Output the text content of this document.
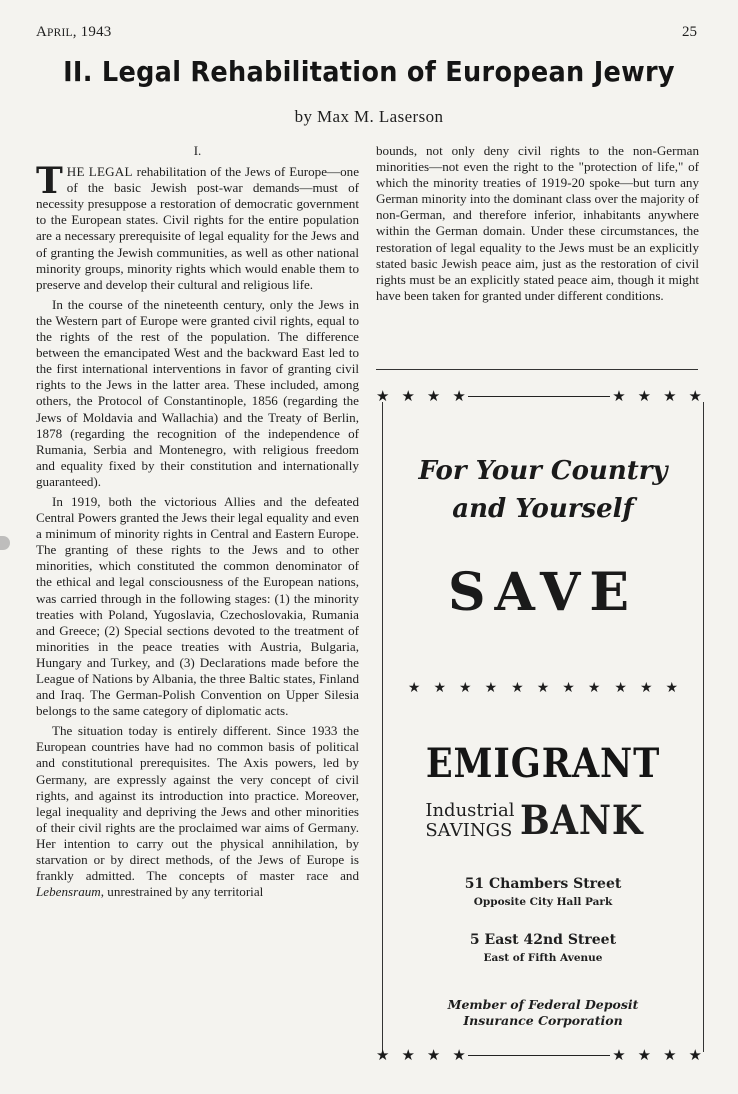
APRIL, 1943	25
II. Legal Rehabilitation of European Jewry
by Max M. Laserson
I.

THE LEGAL rehabilitation of the Jews of Europe—one of the basic Jewish post-war demands—must of necessity presuppose a restoration of democratic government to the European states. Civil rights for the entire population are a necessary prerequisite of legal equality for the Jews and of granting the Jewish communities, as well as other national minority groups, minority rights which would enable them to preserve and develop their cultural and religious life.

In the course of the nineteenth century, only the Jews in the Western part of Europe were granted civil rights, equal to the rights of the rest of the population. The difference between the emancipated West and the backward East led to the first international interventions in favor of granting civil rights to the Jews in the latter area. These included, among others, the Protocol of Constantinople, 1856 (regarding the Jews of Moldavia and Wallachia) and the Treaty of Berlin, 1878 (regarding the recognition of the independence of Rumania, Serbia and Montenegro, with religious freedom and equality fixed by their constitution and internationally guaranteed).

In 1919, both the victorious Allies and the defeated Central Powers granted the Jews their legal equality and even a minimum of minority rights in Central and Eastern Europe. The granting of these rights to the Jews and to other minorities, which constituted the common denominator of the ethical and legal consciousness of the European nations, was carried through in the following stages: (1) the minority treaties with Poland, Yugoslavia, Czechoslovakia, Rumania and Greece; (2) Special sections devoted to the treatment of minorities in the peace treaties with Austria, Bulgaria, Hungary and Turkey, and (3) Declarations made before the League of Nations by Albania, the three Baltic states, Finland and Iraq. The German-Polish Convention on Upper Silesia belongs to the same category of diplomatic acts.

The situation today is entirely different. Since 1933 the European countries have had no common basis of political and constitutional prerequisites. The Axis powers, led by Germany, are expressly against the very concept of civil rights, and against its introduction into practice. Moreover, legal inequality and depriving the Jews and other minorities of their civil rights are the proclaimed war aims of Germany. Her intention to carry out the physical annihilation, by starvation or by direct methods, of the Jews of Europe is frankly admitted. The concepts of master race and Lebensraum, unrestrained by any territorial

bounds, not only deny civil rights to the non-German minorities—not even the right to the "protection of life," of which the minority treaties of 1919-20 spoke—but turn any German minority into the dominant class over the majority of non-German, and therefore inferior, inhabitants anywhere within the German domain. Under these circumstances, the restoration of legal equality to the Jews must be an explicitly stated basic Jewish peace aim, just as the restoration of civil rights must be an explicitly stated peace aim, though it might have been taken for granted under different conditions.

★ ★ ★ ★	★ ★ ★ ★
For Your Country
and Yourself
SAVE
★ ★ ★ ★ ★ ★ ★ ★ ★ ★ ★
EMIGRANT
Industrial
SAVINGS BANK
51 Chambers Street
Opposite City Hall Park
5 East 42nd Street
East of Fifth Avenue
Member of Federal Deposit
Insurance Corporation
★ ★ ★ ★	★ ★ ★ ★
